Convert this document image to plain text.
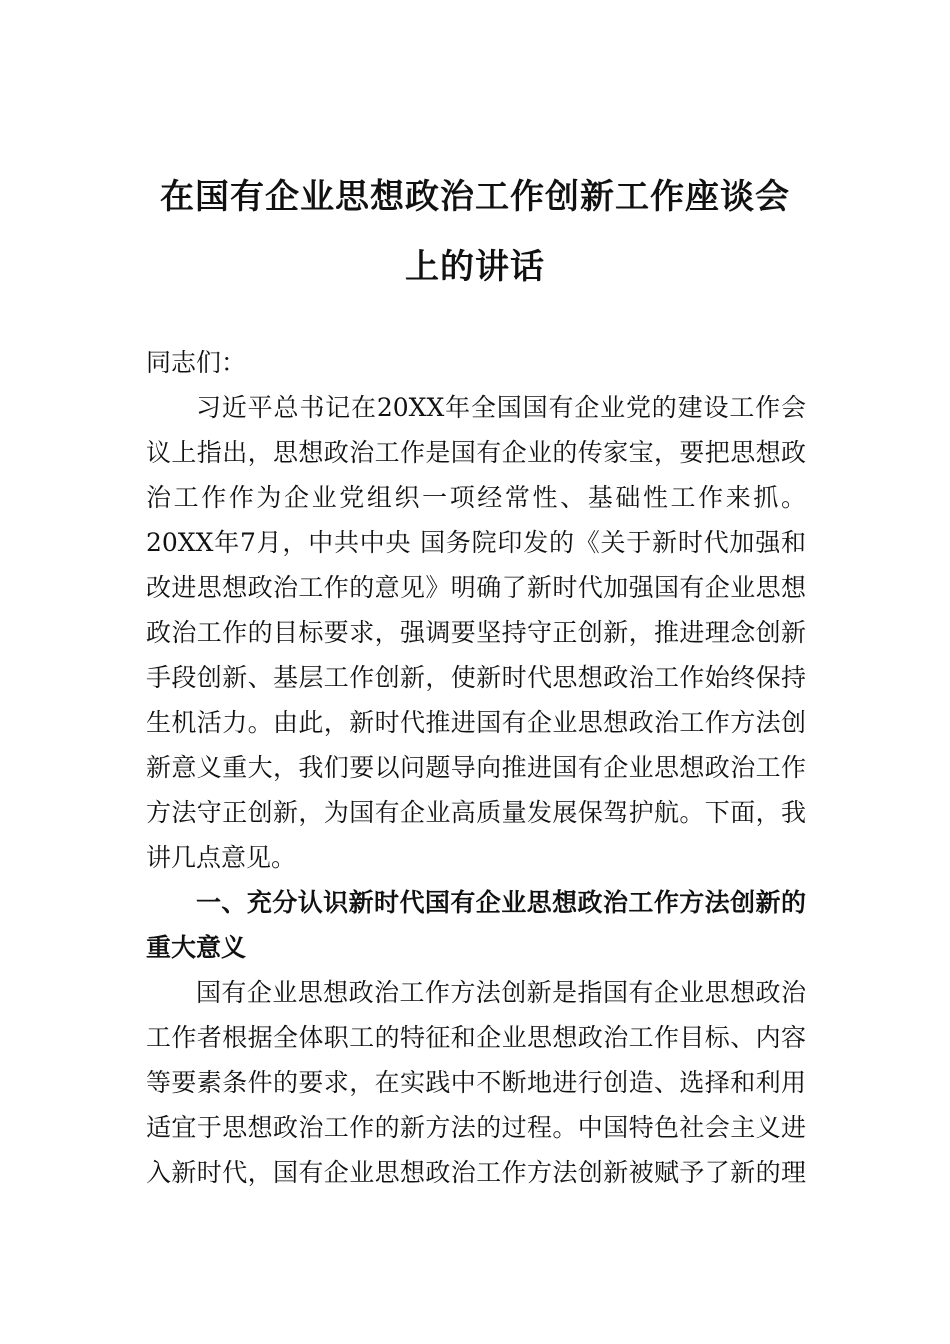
在国有企业思想政治工作创新工作座谈会
上的讲话
同志们：
习近平总书记在20XX年全国国有企业党的建设工作会
议上指出，思想政治工作是国有企业的传家宝，要把思想政
治工作作为企业党组织一项经常性、基础性工作来抓。
20XX年7月，中共中央 国务院印发的《关于新时代加强和
改进思想政治工作的意见》明确了新时代加强国有企业思想
政治工作的目标要求，强调要坚持守正创新，推进理念创新
手段创新、基层工作创新，使新时代思想政治工作始终保持
生机活力。由此，新时代推进国有企业思想政治工作方法创
新意义重大，我们要以问题导向推进国有企业思想政治工作
方法守正创新，为国有企业高质量发展保驾护航。下面，我
讲几点意见。
一、充分认识新时代国有企业思想政治工作方法创新的
重大意义
国有企业思想政治工作方法创新是指国有企业思想政治
工作者根据全体职工的特征和企业思想政治工作目标、内容
等要素条件的要求，在实践中不断地进行创造、选择和利用
适宜于思想政治工作的新方法的过程。中国特色社会主义进
入新时代，国有企业思想政治工作方法创新被赋予了新的理
